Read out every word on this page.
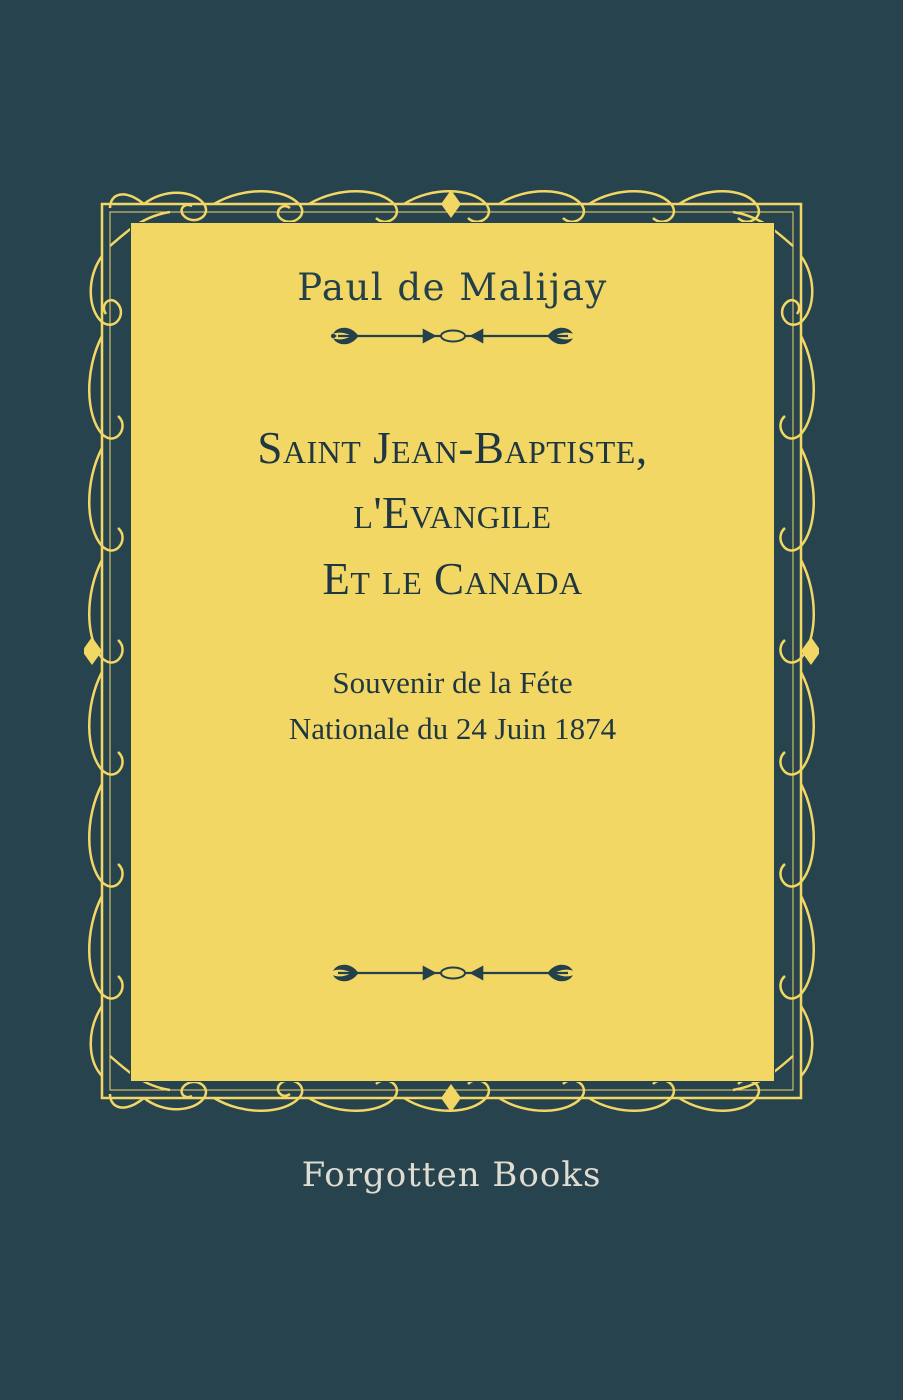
Paul de Malijay
Saint Jean-Baptiste,
l'Evangile
Et le Canada
Souvenir de la Féte
Nationale du 24 Juin 1874
Forgotten Books
